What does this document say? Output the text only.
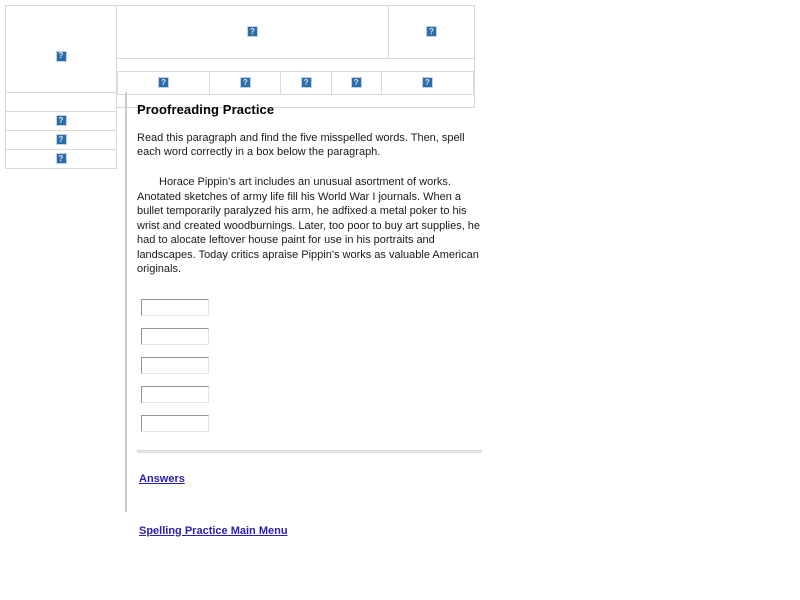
?	?	?

?	?	?	?	?

?
?
?
Proofreading Practice
Read this paragraph and find the five misspelled words. Then, spell each word correctly in a box below the paragraph.
Horace Pippin's art includes an unusual asortment of works. Anotated sketches of army life fill his World War I journals. When a bullet temporarily paralyzed his arm, he adfixed a metal poker to his wrist and created woodburnings. Later, too poor to buy art supplies, he had to alocate leftover house paint for use in his portraits and landscapes. Today critics apraise Pippin's works as valuable American originals.
Answers
Spelling Practice Main Menu
